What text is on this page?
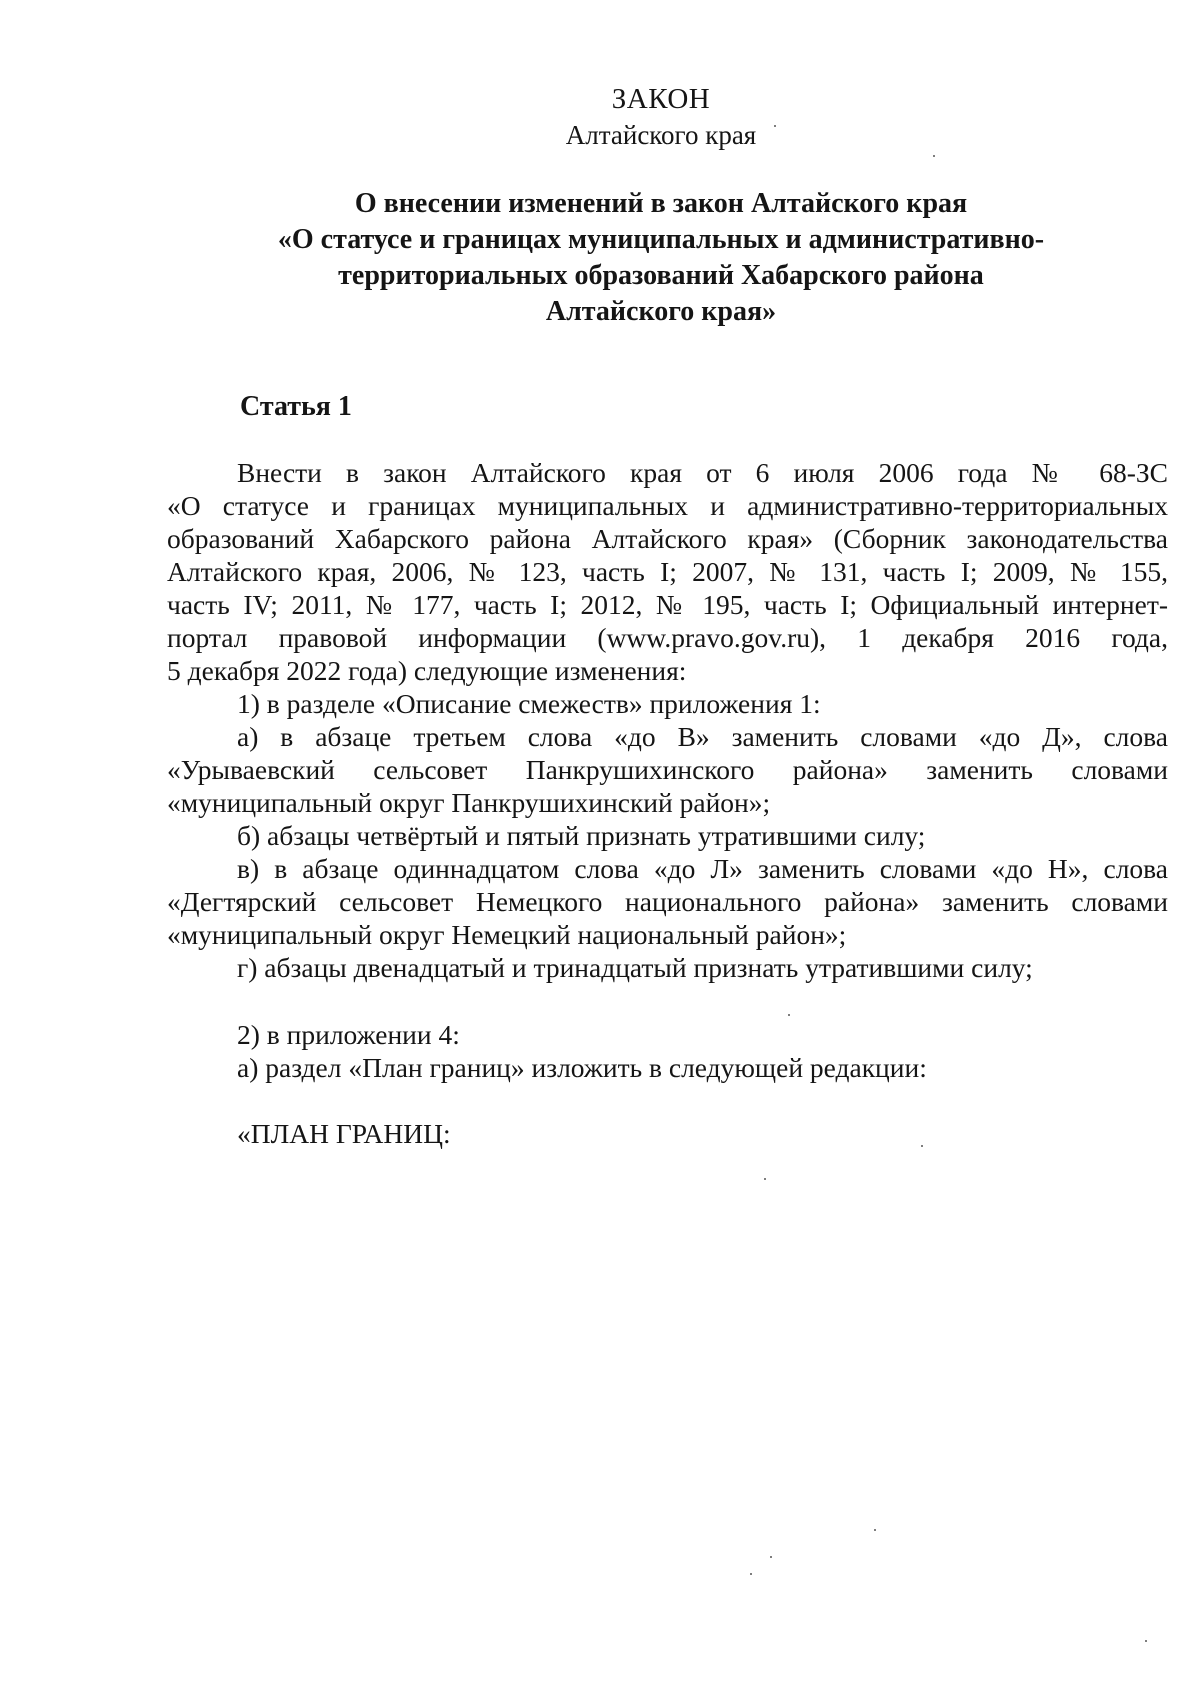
ЗАКОН
Алтайского края
О внесении изменений в закон Алтайского края
«О статусе и границах муниципальных и административно-
территориальных образований Хабарского района
Алтайского края»
Статья 1
Внести в закон Алтайского края от 6 июля 2006 года № 68-ЗС
«О статусе и границах муниципальных и административно-территориальных
образований Хабарского района Алтайского края» (Сборник законодательства
Алтайского края, 2006, № 123, часть I; 2007, № 131, часть I; 2009, № 155,
часть IV; 2011, № 177, часть I; 2012, № 195, часть I; Официальный интернет-
портал правовой информации (www.pravo.gov.ru), 1 декабря 2016 года,
5 декабря 2022 года) следующие изменения:
1) в разделе «Описание смежеств» приложения 1:
а) в абзаце третьем слова «до В» заменить словами «до Д», слова
«Урываевский сельсовет Панкрушихинского района» заменить словами
«муниципальный округ Панкрушихинский район»;
б) абзацы четвёртый и пятый признать утратившими силу;
в) в абзаце одиннадцатом слова «до Л» заменить словами «до Н», слова
«Дегтярский сельсовет Немецкого национального района» заменить словами
«муниципальный округ Немецкий национальный район»;
г) абзацы двенадцатый и тринадцатый признать утратившими силу;
2) в приложении 4:
а) раздел «План границ» изложить в следующей редакции:
«ПЛАН ГРАНИЦ:
